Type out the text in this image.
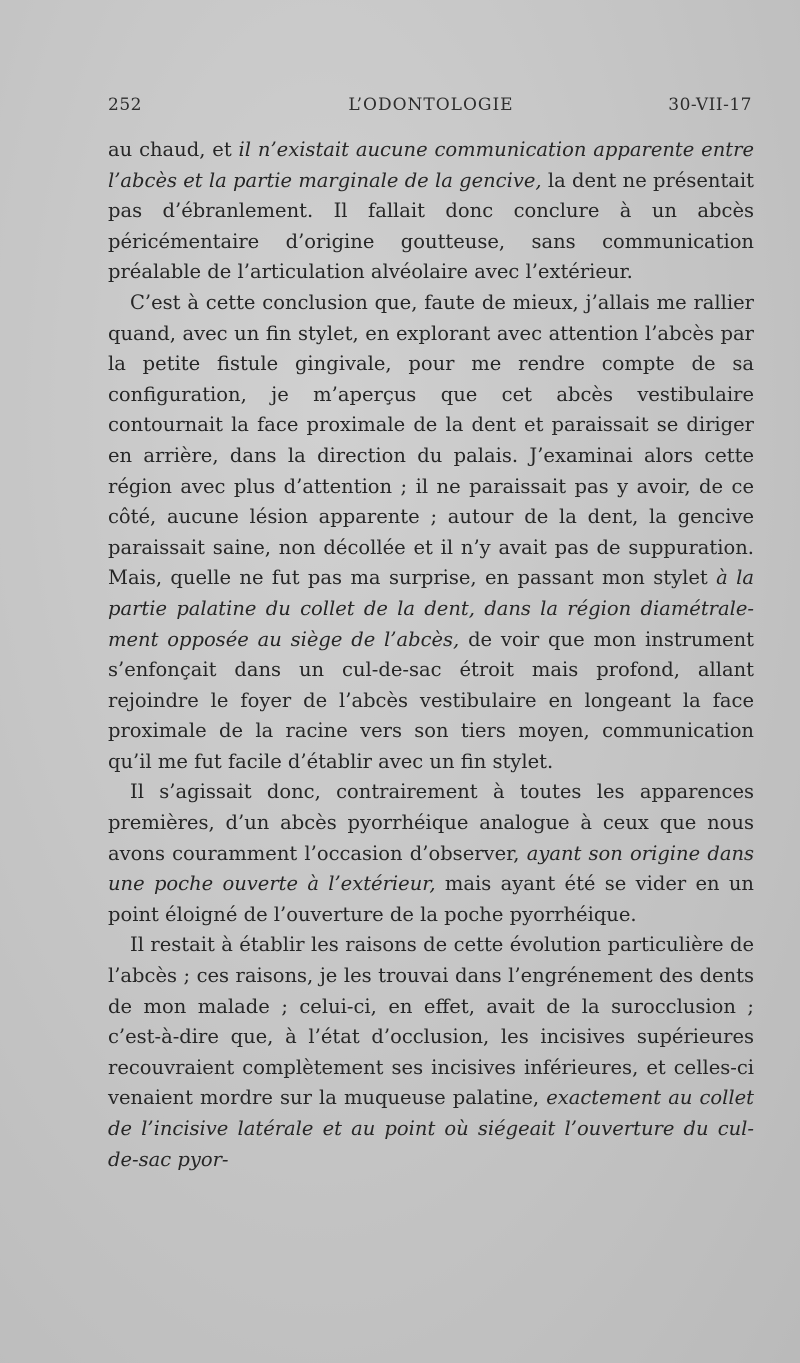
252	L’ODONTOLOGIE	30-VII-17

au chaud, et il n’existait aucune communication apparente entre l’abcès et la partie marginale de la gencive, la dent ne présentait pas d’ébranlement. Il fallait donc conclure à un abcès péricémentaire d’origine goutteuse, sans communication préalable de l’articulation alvéolaire avec l’extérieur.

C’est à cette conclusion que, faute de mieux, j’allais me rallier quand, avec un fin stylet, en explorant avec attention l’abcès par la petite fistule gingivale, pour me rendre compte de sa configuration, je m’aperçus que cet abcès vestibulaire contournait la face proximale de la dent et paraissait se diriger en arrière, dans la direction du palais. J’examinai alors cette région avec plus d’attention ; il ne paraissait pas y avoir, de ce côté, aucune lésion apparente ; autour de la dent, la gencive paraissait saine, non décollée et il n’y avait pas de suppuration. Mais, quelle ne fut pas ma surprise, en passant mon stylet à la partie palatine du collet de la dent, dans la région diamétralement opposée au siège de l’abcès, de voir que mon instrument s’enfonçait dans un cul-de-sac étroit mais profond, allant rejoindre le foyer de l’abcès vestibulaire en longeant la face proximale de la racine vers son tiers moyen, communication qu’il me fut facile d’établir avec un fin stylet.

Il s’agissait donc, contrairement à toutes les apparences premières, d’un abcès pyorrhéique analogue à ceux que nous avons couramment l’occasion d’observer, ayant son origine dans une poche ouverte à l’extérieur, mais ayant été se vider en un point éloigné de l’ouverture de la poche pyorrhéique.

Il restait à établir les raisons de cette évolution particulière de l’abcès ; ces raisons, je les trouvai dans l’engrénement des dents de mon malade ; celui-ci, en effet, avait de la surocclusion ; c’est-à-dire que, à l’état d’occlusion, les incisives supérieures recouvraient complètement ses incisives inférieures, et celles-ci venaient mordre sur la muqueuse palatine, exactement au collet de l’incisive latérale et au point où siégeait l’ouverture du cul-de-sac pyor-
